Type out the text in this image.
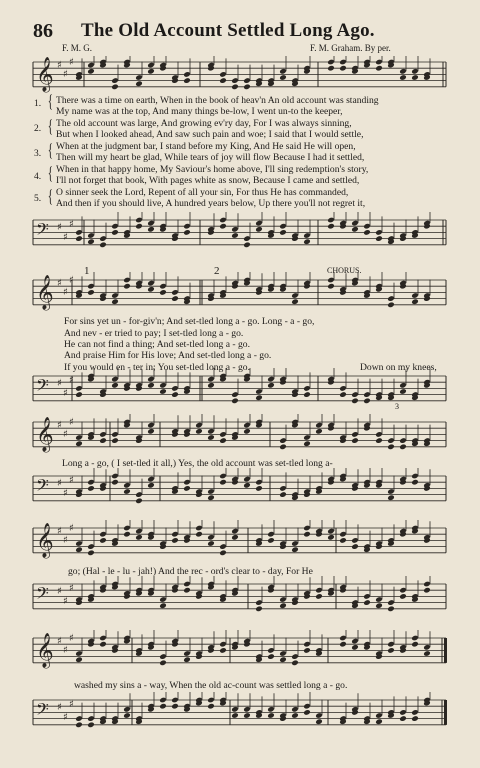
86 The Old Account Settled Long Ago.
F. M. G.	F. M. Graham. By per.
𝄞 ♯
♯
♯
1.
2.
3.
4.
5.
{
{
{
{
{
There was a time on earth, When in the book of heav'n An old account was standing
My name was at the top, And many things be-low, I went un-to the keeper,
The old account was large, And growing ev'ry day, For I was always sinning,
But when I looked ahead, And saw such pain and woe; I said that I would settle,
When at the judgment bar, I stand before my King, And He said He will open,
Then will my heart be glad, While tears of joy will flow Because I had it settled,
When in that happy home, My Saviour's home above, I'll sing redemption's story,
I'll not forget that book, With pages white as snow, Because I came and settled,
O sinner seek the Lord, Repent of all your sin, For thus He has commanded,
And then if you should live, A hundred years below, Up there you'll not regret it,
𝄢 ♯
♯
♯
1	2	CHORUS.
𝄞 ♯
♯
♯
For sins yet un - for-giv'n; And set-tled long a - go. Long - a - go,
And nev - er tried to pay; I set-tled long a - go.
He can not find a thing; And set-tled long a - go.
And praise Him for His love; And set-tled long a - go.
If you would en - ter in; You set-tled long a - go.	Down on my knees,
𝄢 ♯
♯
♯
3
𝄞 ♯
♯
♯
Long a - go, ( I set-tled it all,) Yes, the old account was set-tled long a-
𝄢 ♯
♯
♯
𝄞 ♯
♯
♯
go; (Hal - le - lu - jah!) And the rec - ord's clear to - day, For He
𝄢 ♯
♯
♯
𝄞 ♯
♯
♯
washed my sins a - way, When the old ac-count was settled long a - go.
𝄢 ♯
♯
♯
